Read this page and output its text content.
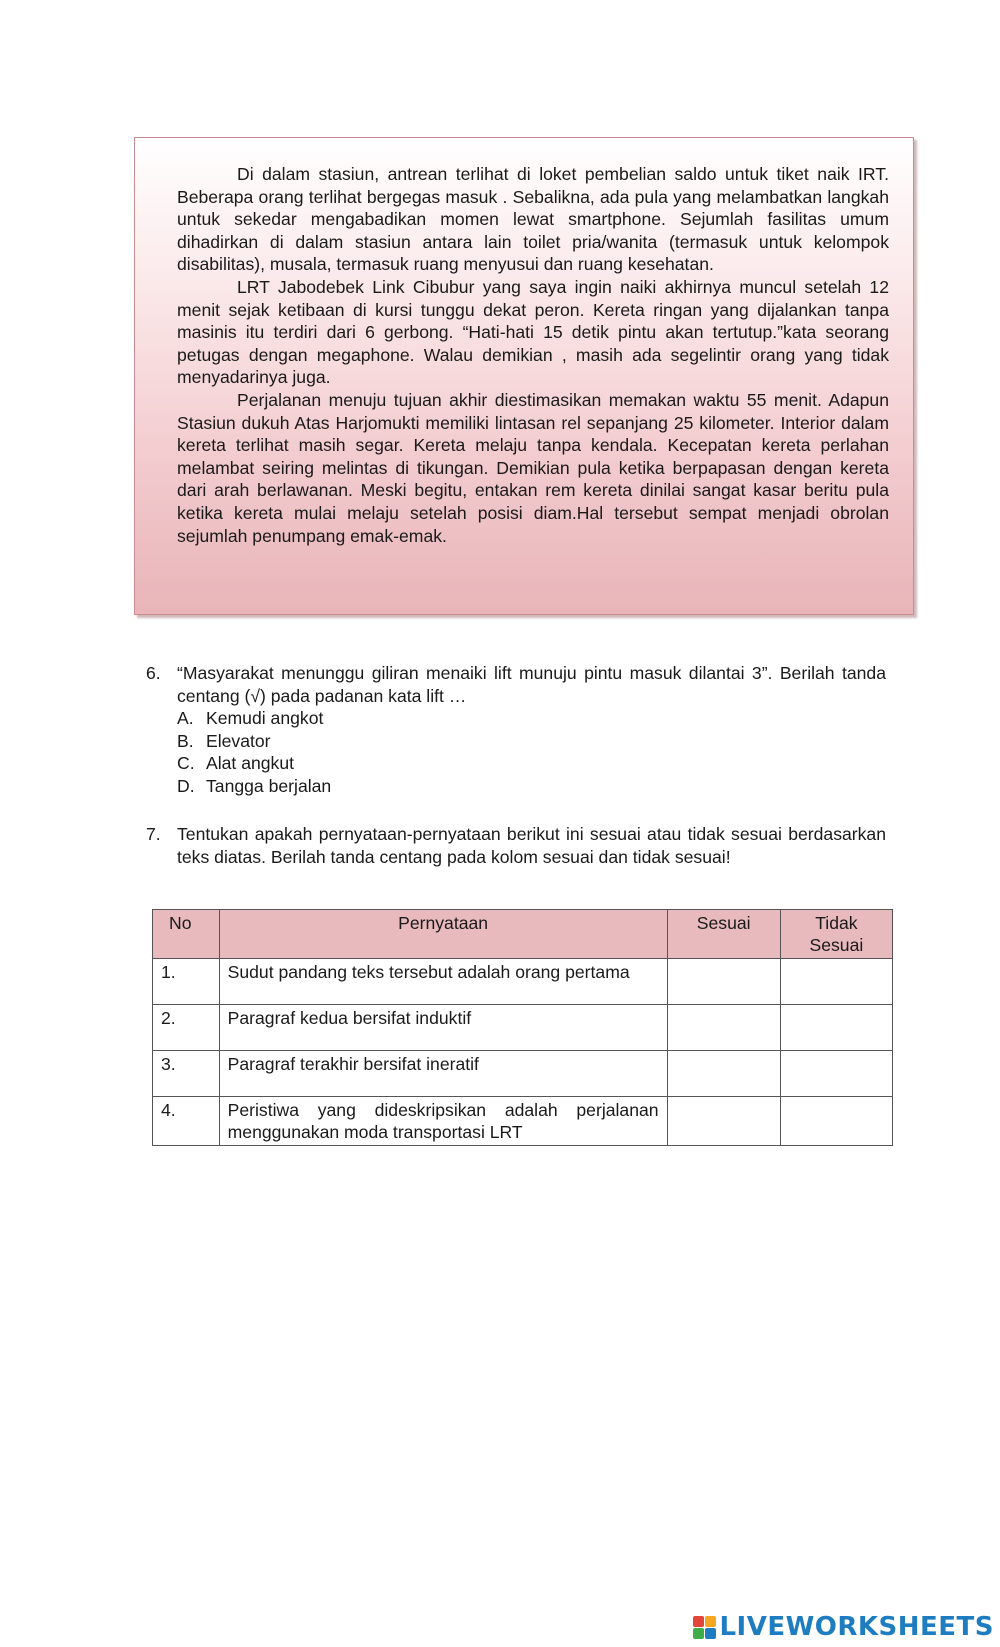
Di dalam stasiun, antrean terlihat di loket pembelian saldo untuk tiket naik IRT. Beberapa orang terlihat bergegas masuk . Sebalikna, ada pula yang melambatkan langkah untuk sekedar mengabadikan momen lewat smartphone. Sejumlah fasilitas umum dihadirkan di dalam stasiun antara lain toilet pria/wanita (termasuk untuk kelompok disabilitas), musala, termasuk ruang menyusui dan ruang kesehatan.

LRT Jabodebek Link Cibubur yang saya ingin naiki akhirnya muncul setelah 12 menit sejak ketibaan di kursi tunggu dekat peron. Kereta ringan yang dijalankan tanpa masinis itu terdiri dari 6 gerbong. “Hati-hati 15 detik pintu akan tertutup.”kata seorang petugas dengan megaphone. Walau demikian , masih ada segelintir orang yang tidak menyadarinya juga.

Perjalanan menuju tujuan akhir diestimasikan memakan waktu 55 menit. Adapun Stasiun dukuh Atas Harjomukti memiliki lintasan rel sepanjang 25 kilometer. Interior dalam kereta terlihat masih segar. Kereta melaju tanpa kendala. Kecepatan kereta perlahan melambat seiring melintas di tikungan. Demikian pula ketika berpapasan dengan kereta dari arah berlawanan. Meski begitu, entakan rem kereta dinilai sangat kasar beritu pula ketika kereta mulai melaju setelah posisi diam.Hal tersebut sempat menjadi obrolan sejumlah penumpang emak-emak.

6. “Masyarakat menunggu giliran menaiki lift munuju pintu masuk dilantai 3”. Berilah tanda centang (√) pada padanan kata lift …
A. Kemudi angkot
B. Elevator
C. Alat angkut
D. Tangga berjalan
7. Tentukan apakah pernyataan-pernyataan berikut ini sesuai atau tidak sesuai berdasarkan teks diatas. Berilah tanda centang pada kolom sesuai dan tidak sesuai!
No	Pernyataan	Sesuai	Tidak Sesuai
1.	Sudut pandang teks tersebut adalah orang pertama		
2.	Paragraf kedua bersifat induktif		
3.	Paragraf terakhir bersifat ineratif		
4.	Peristiwa yang dideskripsikan adalah perjalanan menggunakan moda transportasi LRT		
LIVEWORKSHEETS
